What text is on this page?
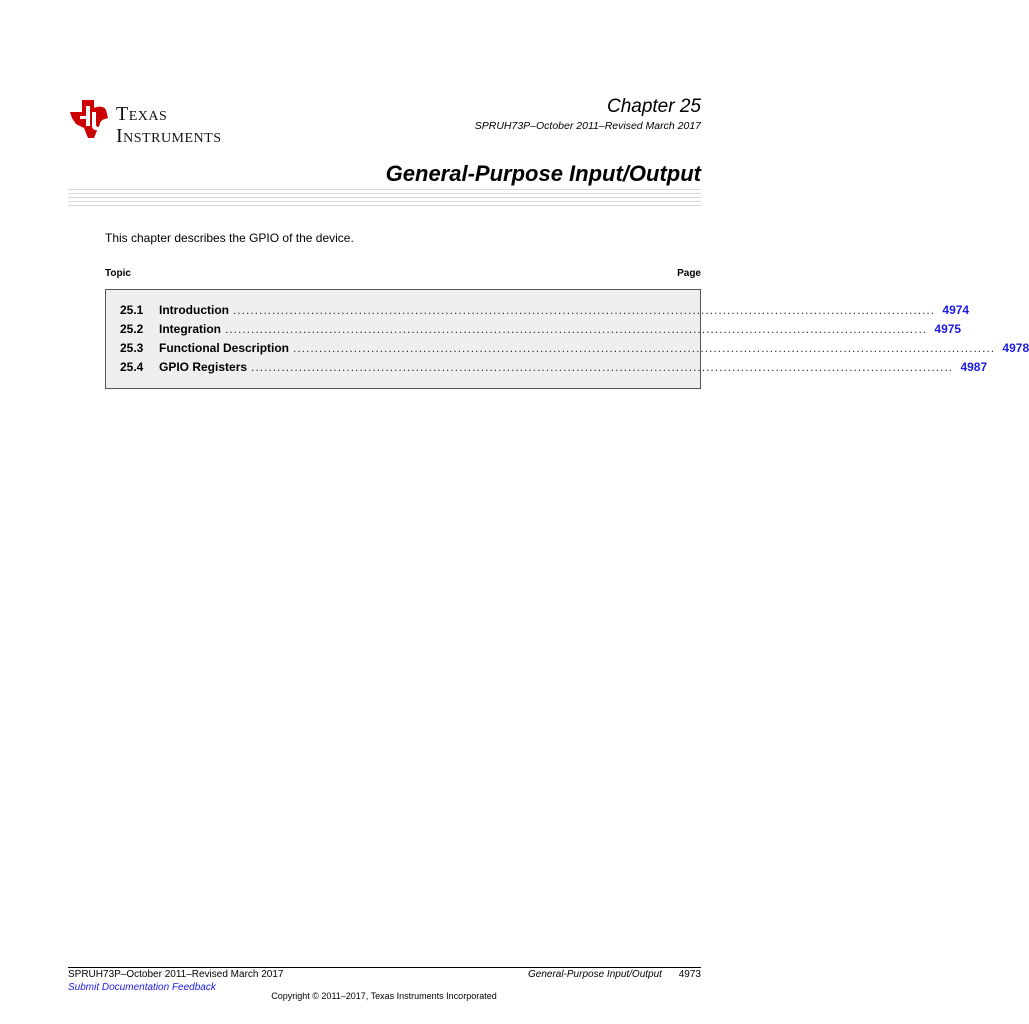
Texas
Instruments
Chapter 25
SPRUH73P–October 2011–Revised March 2017
General-Purpose Input/Output
This chapter describes the GPIO of the device.
Topic	Page
25.1	Introduction .................................................................................................................................................................. 4974
25.2	Integration .................................................................................................................................................................. 4975
25.3	Functional Description .................................................................................................................................................................. 4978
25.4	GPIO Registers .................................................................................................................................................................. 4987
SPRUH73P–October 2011–Revised March 2017
Submit Documentation Feedback
General-Purpose Input/Output 4973
Copyright © 2011–2017, Texas Instruments Incorporated
